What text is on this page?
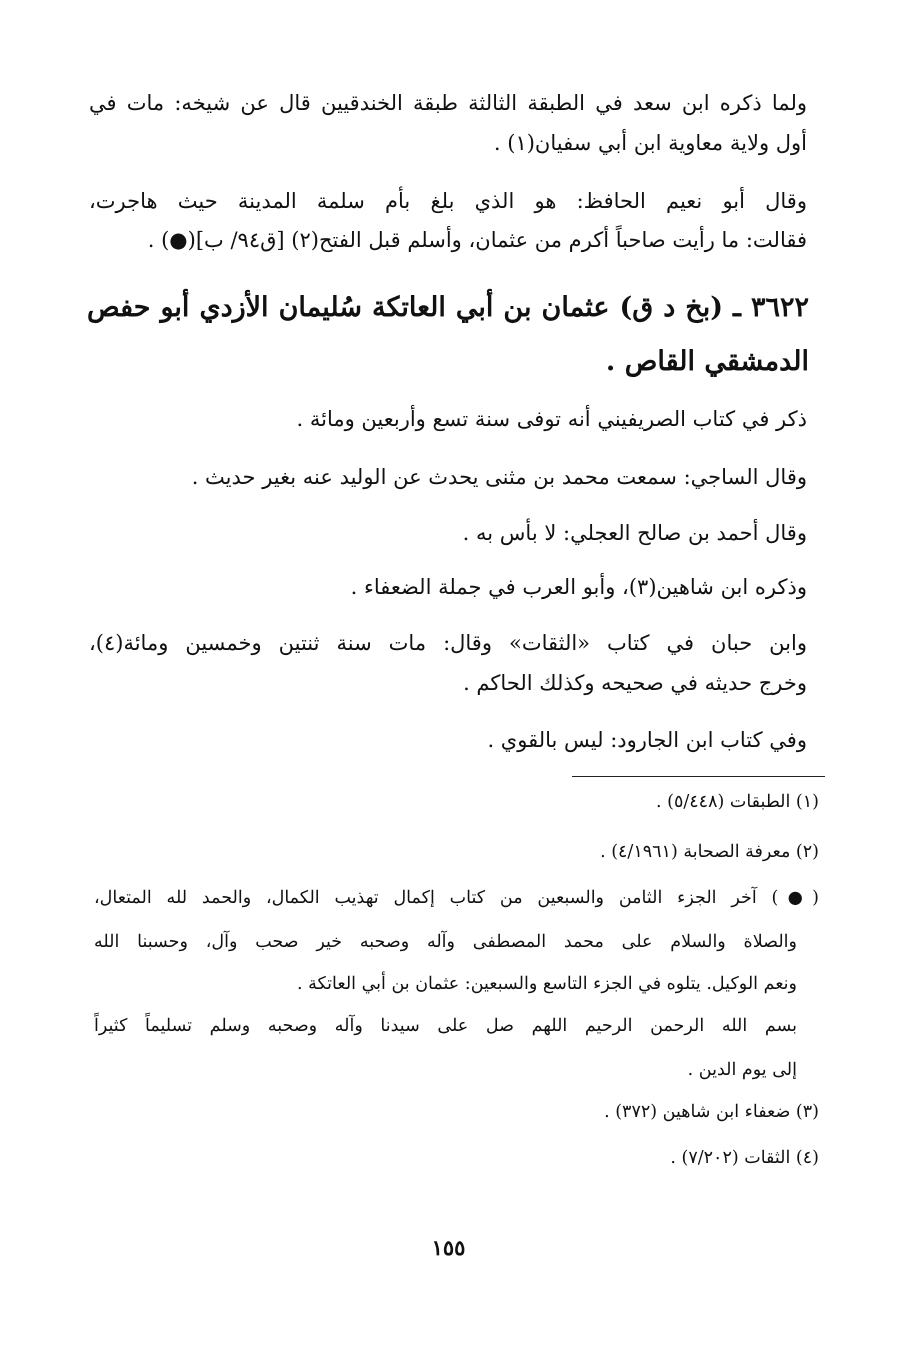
ولما ذكره ابن سعد في الطبقة الثالثة طبقة الخندقيين قال عن شيخه: مات في
أول ولاية معاوية ابن أبي سفيان(١) .
وقال أبو نعيم الحافظ: هو الذي بلغ بأم سلمة المدينة حيث هاجرت،
فقالت: ما رأيت صاحباً أكرم من عثمان، وأسلم قبل الفتح(٢) [ق٩٤/ ب](●) .
٣٦٢٢ ـ (بخ د ق) عثمان بن أبي العاتكة سُليمان الأزدي أبو حفص
الدمشقي القاص .
ذكر في كتاب الصريفيني أنه توفى سنة تسع وأربعين ومائة .
وقال الساجي: سمعت محمد بن مثنى يحدث عن الوليد عنه بغير حديث .
وقال أحمد بن صالح العجلي: لا بأس به .
وذكره ابن شاهين(٣)، وأبو العرب في جملة الضعفاء .
وابن حبان في كتاب «الثقات» وقال: مات سنة ثنتين وخمسين ومائة(٤)،
وخرج حديثه في صحيحه وكذلك الحاكم .
وفي كتاب ابن الجارود: ليس بالقوي .
(١) الطبقات (٥/٤٤٨) .
(٢) معرفة الصحابة (٤/١٩٦١) .
(●) آخر الجزء الثامن والسبعين من كتاب إكمال تهذيب الكمال، والحمد لله المتعال،
والصلاة والسلام على محمد المصطفى وآله وصحبه خير صحب وآل، وحسبنا الله
ونعم الوكيل. يتلوه في الجزء التاسع والسبعين: عثمان بن أبي العاتكة .
بسم الله الرحمن الرحيم اللهم صل على سيدنا وآله وصحبه وسلم تسليماً كثيراً
إلى يوم الدين .
(٣) ضعفاء ابن شاهين (٣٧٢) .
(٤) الثقات (٧/٢٠٢) .
١٥٥
